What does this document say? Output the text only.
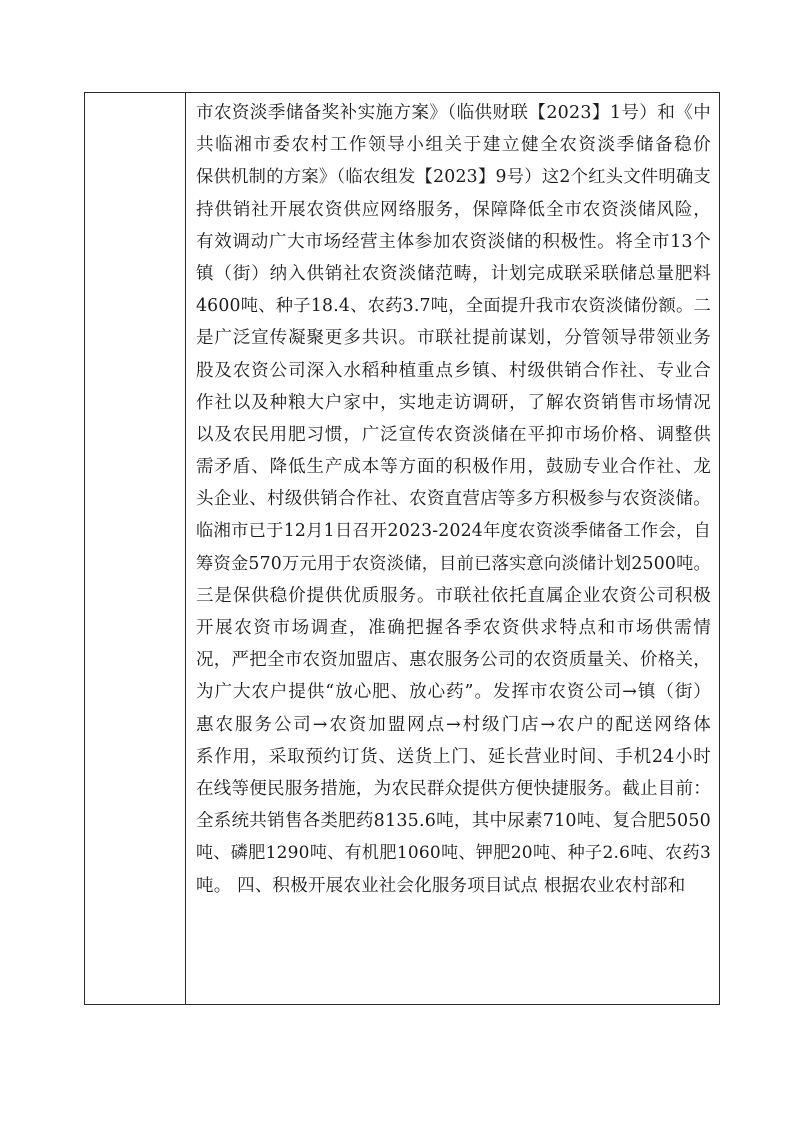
市农资淡季储备奖补实施方案》（临供财联【2023】1号）和《中
共临湘市委农村工作领导小组关于建立健全农资淡季储备稳价
保供机制的方案》（临农组发【2023】9号）这2个红头文件明确支
持供销社开展农资供应网络服务，保障降低全市农资淡储风险，
有效调动广大市场经营主体参加农资淡储的积极性。将全市13个
镇（街）纳入供销社农资淡储范畴，计划完成联采联储总量肥料
4600吨、种子18.4、农药3.7吨，全面提升我市农资淡储份额。二
是广泛宣传凝聚更多共识。市联社提前谋划，分管领导带领业务
股及农资公司深入水稻种植重点乡镇、村级供销合作社、专业合
作社以及种粮大户家中，实地走访调研，了解农资销售市场情况
以及农民用肥习惯，广泛宣传农资淡储在平抑市场价格、调整供
需矛盾、降低生产成本等方面的积极作用，鼓励专业合作社、龙
头企业、村级供销合作社、农资直营店等多方积极参与农资淡储。
临湘市已于12月1日召开2023-2024年度农资淡季储备工作会，自
筹资金570万元用于农资淡储，目前已落实意向淡储计划2500吨。
三是保供稳价提供优质服务。市联社依托直属企业农资公司积极
开展农资市场调查，准确把握各季农资供求特点和市场供需情
况，严把全市农资加盟店、惠农服务公司的农资质量关、价格关，
为广大农户提供“放心肥、放心药”。发挥市农资公司→镇（街）
惠农服务公司→农资加盟网点→村级门店→农户的配送网络体
系作用，采取预约订货、送货上门、延长营业时间、手机24小时
在线等便民服务措施，为农民群众提供方便快捷服务。截止目前：
全系统共销售各类肥药8135.6吨，其中尿素710吨、复合肥5050
吨、磷肥1290吨、有机肥1060吨、钾肥20吨、种子2.6吨、农药3
吨。 四、积极开展农业社会化服务项目试点 根据农业农村部和
